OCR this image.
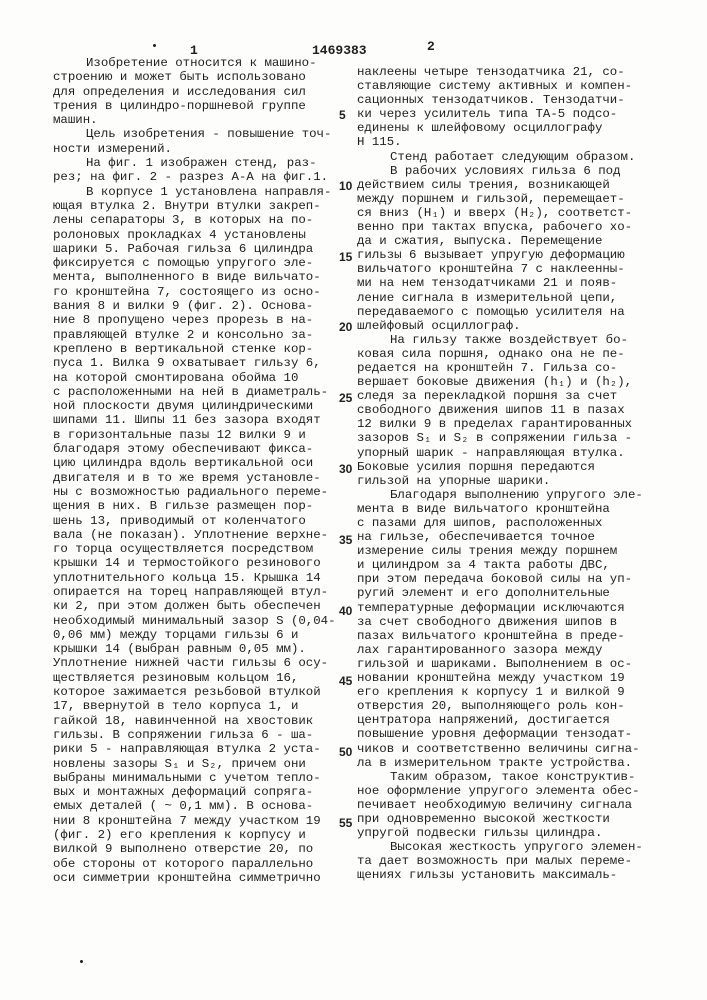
1	1469383	2
Изобретение относится к машино-
строению и может быть использовано
для определения и исследования сил
трения в цилиндро-поршневой группе
машин.
Цель изобретения - повышение точ-
ности измерений.
На фиг. 1 изображен стенд, раз-
рез; на фиг. 2 - разрез А-А на фиг.1.
В корпусе 1 установлена направля-
ющая втулка 2. Внутри втулки закреп-
лены сепараторы 3, в которых на по-
ролоновых прокладках 4 установлены
шарики 5. Рабочая гильза 6 цилиндра
фиксируется с помощью упругого эле-
мента, выполненного в виде вильчато-
го кронштейна 7, состоящего из осно-
вания 8 и вилки 9 (фиг. 2). Основа-
ние 8 пропущено через прорезь в на-
правляющей втулке 2 и консольно за-
креплено в вертикальной стенке кор-
пуса 1. Вилка 9 охватывает гильзу 6,
на которой смонтирована обойма 10
с расположенными на ней в диаметраль-
ной плоскости двумя цилиндрическими
шипами 11. Шипы 11 без зазора входят
в горизонтальные пазы 12 вилки 9 и
благодаря этому обеспечивают фикса-
цию цилиндра вдоль вертикальной оси
двигателя и в то же время установле-
ны с возможностью радиального переме-
щения в них. В гильзе размещен пор-
шень 13, приводимый от коленчатого
вала (не показан). Уплотнение верхне-
го торца осуществляется посредством
крышки 14 и термостойкого резинового
уплотнительного кольца 15. Крышка 14
опирается на торец направляющей втул-
ки 2, при этом должен быть обеспечен
необходимый минимальный зазор S (0,04-
0,06 мм) между торцами гильзы 6 и
крышки 14 (выбран равным 0,05 мм).
Уплотнение нижней части гильзы 6 осу-
ществляется резиновым кольцом 16,
которое зажимается резьбовой втулкой
17, ввернутой в тело корпуса 1, и
гайкой 18, навинченной на хвостовик
гильзы. В сопряжении гильза 6 - ша-
рики 5 - направляющая втулка 2 уста-
новлены зазоры S₁ и S₂, причем они
выбраны минимальными с учетом тепло-
вых и монтажных деформаций сопряга-
емых деталей ( ~ 0,1 мм). В основа-
нии 8 кронштейна 7 между участком 19
(фиг. 2) его крепления к корпусу и
вилкой 9 выполнено отверстие 20, по
обе стороны от которого параллельно
оси симметрии кронштейна симметрично
наклеены четыре тензодатчика 21, со-
ставляющие систему активных и компен-
сационных тензодатчиков. Тензодатчи-
ки через усилитель типа ТА-5 подсо-
единены к шлейфовому осциллографу
Н 115.
Стенд работает следующим образом.
В рабочих условиях гильза 6 под
действием силы трения, возникающей
между поршнем и гильзой, перемещает-
ся вниз (Н₁) и вверх (Н₂), соответст-
венно при тактах впуска, рабочего хо-
да и сжатия, выпуска. Перемещение
гильзы 6 вызывает упругую деформацию
вильчатого кронштейна 7 с наклеенны-
ми на нем тензодатчиками 21 и появ-
ление сигнала в измерительной цепи,
передаваемого с помощью усилителя на
шлейфовый осциллограф.
На гильзу также воздействует бо-
ковая сила поршня, однако она не пе-
редается на кронштейн 7. Гильза со-
вершает боковые движения (h₁) и (h₂),
следя за перекладкой поршня за счет
свободного движения шипов 11 в пазах
12 вилки 9 в пределах гарантированных
зазоров S₁ и S₂ в сопряжении гильза -
упорный шарик - направляющая втулка.
Боковые усилия поршня передаются
гильзой на упорные шарики.
Благодаря выполнению упругого эле-
мента в виде вильчатого кронштейна
с пазами для шипов, расположенных
на гильзе, обеспечивается точное
измерение силы трения между поршнем
и цилиндром за 4 такта работы ДВС,
при этом передача боковой силы на уп-
ругий элемент и его дополнительные
температурные деформации исключаются
за счет свободного движения шипов в
пазах вильчатого кронштейна в преде-
лах гарантированного зазора между
гильзой и шариками. Выполнением в ос-
новании кронштейна между участком 19
его крепления к корпусу 1 и вилкой 9
отверстия 20, выполняющего роль кон-
центратора напряжений, достигается
повышение уровня деформации тензодат-
чиков и соответственно величины сигна-
ла в измерительном тракте устройства.
Таким образом, такое конструктив-
ное оформление упругого элемента обес-
печивает необходимую величину сигнала
при одновременно высокой жесткости
упругой подвески гильзы цилиндра.
Высокая жесткость упругого элемен-
та дает возможность при малых переме-
щениях гильзы установить максималь-
5
10
15
20
25
30
35
40
45
50
55
